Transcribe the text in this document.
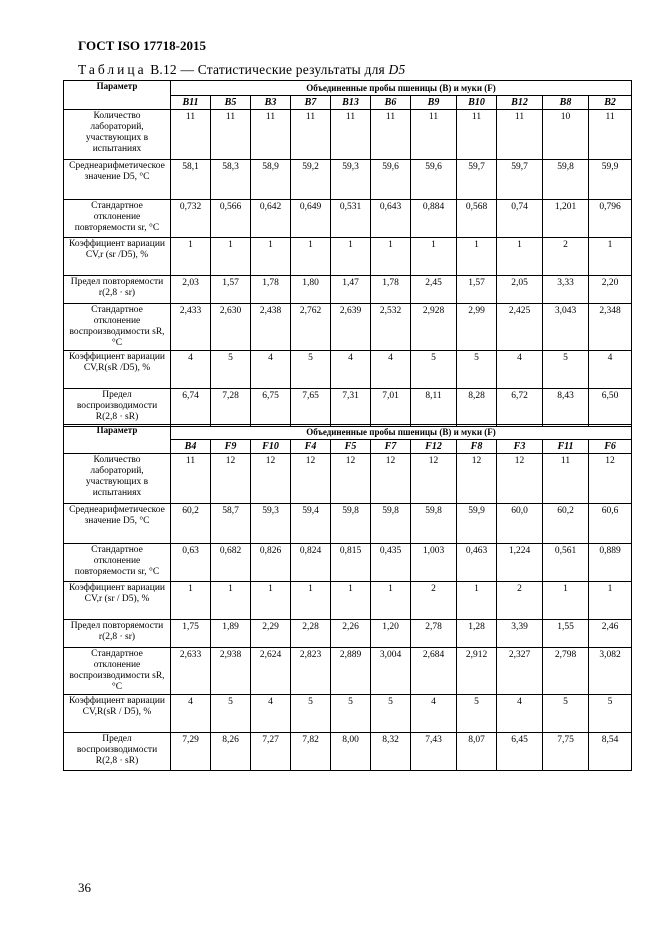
ГОСТ ISO 17718-2015
Таблица В.12 — Статистические результаты для D5
Параметр	Объединенные пробы пшеницы (B) и муки (F)										
	B11	B5	B3	B7	B13	B6	B9	B10	B12	B8	B2
Количество лабораторий, участвующих в испытаниях	11	11	11	11	11	11	11	11	11	10	11
Среднеарифметическое значение D5, °C	58,1	58,3	58,9	59,2	59,3	59,6	59,6	59,7	59,7	59,8	59,9
Стандартное отклонение повторяемости sr, °C	0,732	0,566	0,642	0,649	0,531	0,643	0,884	0,568	0,74	1,201	0,796
Коэффициент вариации CV,r (sr /D5), %	1	1	1	1	1	1	1	1	1	2	1
Предел повторяемости r(2,8 · sr)	2,03	1,57	1,78	1,80	1,47	1,78	2,45	1,57	2,05	3,33	2,20
Стандартное отклонение воспроизводимости sR, °C	2,433	2,630	2,438	2,762	2,639	2,532	2,928	2,99	2,425	3,043	2,348
Коэффициент вариации CV,R(sR /D5), %	4	5	4	5	4	4	5	5	4	5	4
Предел воспроизводимости R(2,8 · sR)	6,74	7,28	6,75	7,65	7,31	7,01	8,11	8,28	6,72	8,43	6,50
Параметр	Объединенные пробы пшеницы (B) и муки (F)										
	B4	F9	F10	F4	F5	F7	F12	F8	F3	F11	F6
Количество лабораторий, участвующих в испытаниях	11	12	12	12	12	12	12	12	12	11	12
Среднеарифметическое значение D5, °C	60,2	58,7	59,3	59,4	59,8	59,8	59,8	59,9	60,0	60,2	60,6
Стандартное отклонение повторяемости sr, °C	0,63	0,682	0,826	0,824	0,815	0,435	1,003	0,463	1,224	0,561	0,889
Коэффициент вариации CV,r (sr / D5), %	1	1	1	1	1	1	2	1	2	1	1
Предел повторяемости r(2,8 · sr)	1,75	1,89	2,29	2,28	2,26	1,20	2,78	1,28	3,39	1,55	2,46
Стандартное отклонение воспроизводимости sR, °C	2,633	2,938	2,624	2,823	2,889	3,004	2,684	2,912	2,327	2,798	3,082
Коэффициент вариации CV,R(sR / D5), %	4	5	4	5	5	5	4	5	4	5	5
Предел воспроизводимости R(2,8 · sR)	7,29	8,26	7,27	7,82	8,00	8,32	7,43	8,07	6,45	7,75	8,54
36
